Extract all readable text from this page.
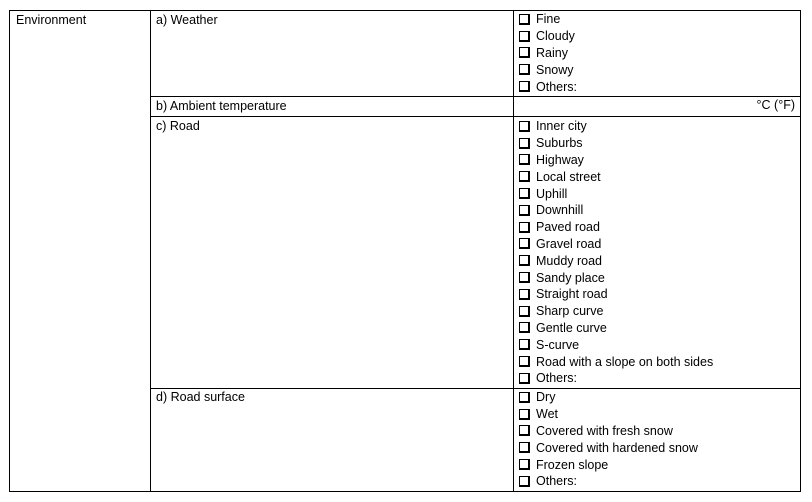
Environment	a) Weather	Fine
Cloudy
Rainy
Snowy
Others:
b) Ambient temperature	°C (°F)
c) Road	Inner city
Suburbs
Highway
Local street
Uphill
Downhill
Paved road
Gravel road
Muddy road
Sandy place
Straight road
Sharp curve
Gentle curve
S-curve
Road with a slope on both sides
Others:
d) Road surface	Dry
Wet
Covered with fresh snow
Covered with hardened snow
Frozen slope
Others:
